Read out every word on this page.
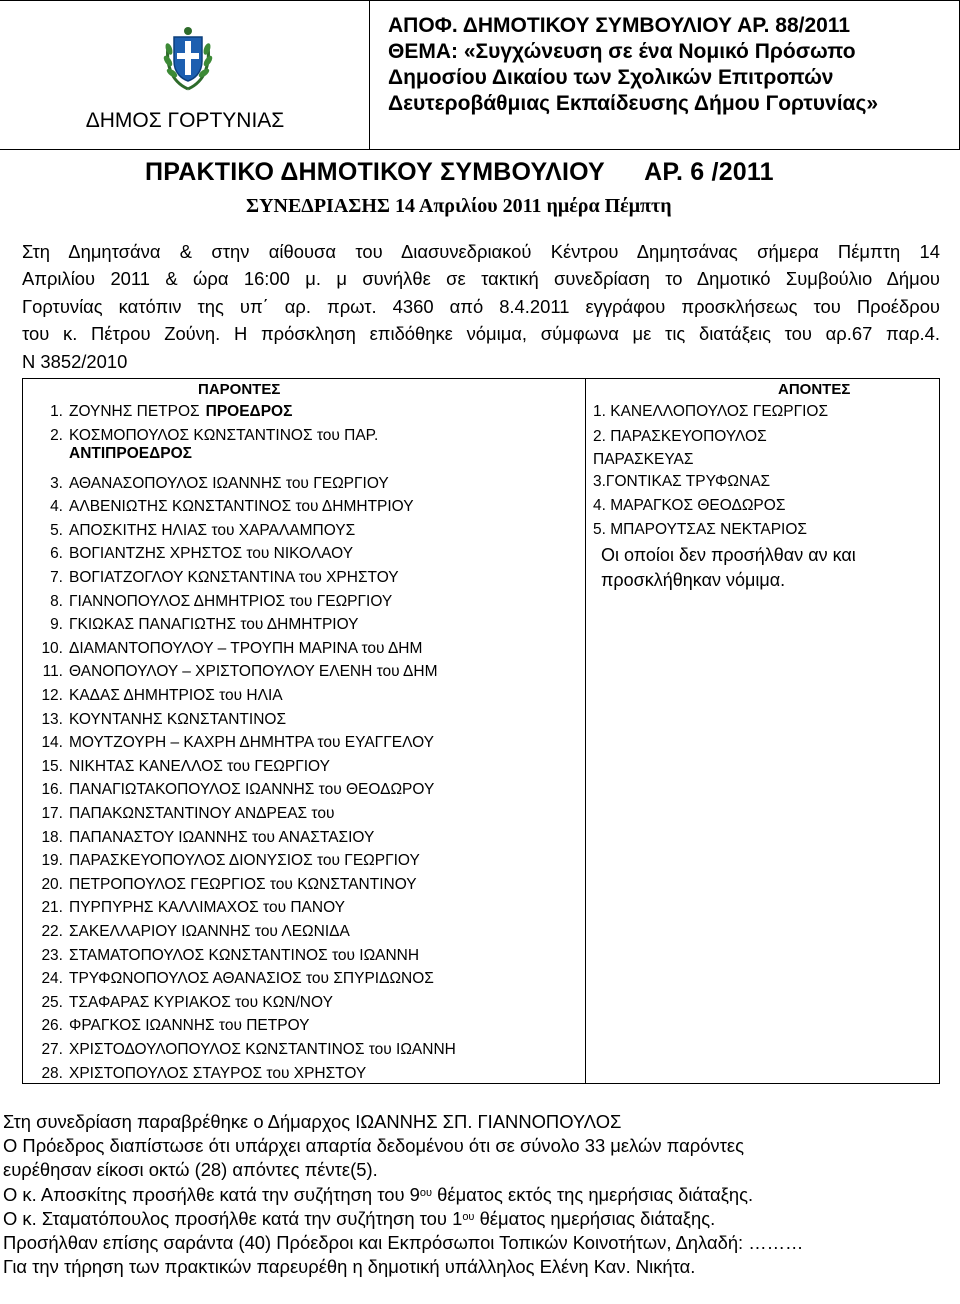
ΔΗΜΟΣ ΓΟΡΤΥΝΙΑΣ
ΑΠΟΦ. ΔΗΜΟΤΙΚΟΥ ΣΥΜΒΟΥΛΙΟΥ ΑΡ. 88/2011
ΘΕΜΑ: «Συγχώνευση σε ένα Νομικό Πρόσωπο
Δημοσίου Δικαίου των Σχολικών Επιτροπών
Δευτεροβάθμιας Εκπαίδευσης Δήμου Γορτυνίας»
ΠΡΑΚΤΙΚΟ ΔΗΜΟΤΙΚΟΥ ΣΥΜΒΟΥΛΙΟΥ ΑΡ. 6 /2011
ΣΥΝΕΔΡΙΑΣΗΣ 14 Απριλίου 2011 ημέρα Πέμπτη
Στη Δημητσάνα & στην αίθουσα του Διασυνεδριακού Κέντρου Δημητσάνας σήμερα Πέμπτη 14
Απριλίου 2011 & ώρα 16:00 μ. μ συνήλθε σε τακτική συνεδρίαση το Δημοτικό Συμβούλιο Δήμου
Γορτυνίας κατόπιν της υπ΄ αρ. πρωτ. 4360 από 8.4.2011 εγγράφου προσκλήσεως του Προέδρου
του κ. Πέτρου Ζούνη. Η πρόσκληση επιδόθηκε νόμιμα, σύμφωνα με τις διατάξεις του αρ.67 παρ.4.
Ν 3852/2010
ΠΑΡΟΝΤΕΣ	ΑΠΟΝΤΕΣ
1. ΖΟΥΝΗΣ ΠΕΤΡΟΣ ΠΡΟΕΔΡΟΣ
2. ΚΟΣΜΟΠΟΥΛΟΣ ΚΩΝΣΤΑΝΤΙΝΟΣ του ΠΑΡ.
ΑΝΤΙΠΡΟΕΔΡΟΣ
3. ΑΘΑΝΑΣΟΠΟΥΛΟΣ ΙΩΑΝΝΗΣ του ΓΕΩΡΓΙΟΥ
4. ΑΛΒΕΝΙΩΤΗΣ ΚΩΝΣΤΑΝΤΙΝΟΣ του ΔΗΜΗΤΡΙΟΥ
5. ΑΠΟΣΚΙΤΗΣ ΗΛΙΑΣ του ΧΑΡΑΛΑΜΠΟΥΣ
6. ΒΟΓΙΑΝΤΖΗΣ ΧΡΗΣΤΟΣ του ΝΙΚΟΛΑΟΥ
7. ΒΟΓΙΑΤΖΟΓΛΟΥ ΚΩΝΣΤΑΝΤΙΝΑ του ΧΡΗΣΤΟΥ
8. ΓΙΑΝΝΟΠΟΥΛΟΣ ΔΗΜΗΤΡΙΟΣ του ΓΕΩΡΓΙΟΥ
9. ΓΚΙΩΚΑΣ ΠΑΝΑΓΙΩΤΗΣ του ΔΗΜΗΤΡΙΟΥ
10. ΔΙΑΜΑΝΤΟΠΟΥΛΟΥ – ΤΡΟΥΠΗ ΜΑΡΙΝΑ του ΔΗΜ
11. ΘΑΝΟΠΟΥΛΟΥ – ΧΡΙΣΤΟΠΟΥΛΟΥ ΕΛΕΝΗ του ΔΗΜ
12. ΚΑΔΑΣ ΔΗΜΗΤΡΙΟΣ του ΗΛΙΑ
13. ΚΟΥΝΤΑΝΗΣ ΚΩΝΣΤΑΝΤΙΝΟΣ
14. ΜΟΥΤΖΟΥΡΗ – ΚΑΧΡΗ ΔΗΜΗΤΡΑ του ΕΥΑΓΓΕΛΟΥ
15. ΝΙΚΗΤΑΣ ΚΑΝΕΛΛΟΣ του ΓΕΩΡΓΙΟΥ
16. ΠΑΝΑΓΙΩΤΑΚΟΠΟΥΛΟΣ ΙΩΑΝΝΗΣ του ΘΕΟΔΩΡΟΥ
17. ΠΑΠΑΚΩΝΣΤΑΝΤΙΝΟΥ ΑΝΔΡΕΑΣ του
18. ΠΑΠΑΝΑΣΤΟΥ ΙΩΑΝΝΗΣ του ΑΝΑΣΤΑΣΙΟΥ
19. ΠΑΡΑΣΚΕΥΟΠΟΥΛΟΣ ΔΙΟΝΥΣΙΟΣ του ΓΕΩΡΓΙΟΥ
20. ΠΕΤΡΟΠΟΥΛΟΣ ΓΕΩΡΓΙΟΣ του ΚΩΝΣΤΑΝΤΙΝΟΥ
21. ΠΥΡΠΥΡΗΣ ΚΑΛΛΙΜΑΧΟΣ του ΠΑΝΟΥ
22. ΣΑΚΕΛΛΑΡΙΟΥ ΙΩΑΝΝΗΣ του ΛΕΩΝΙΔΑ
23. ΣΤΑΜΑΤΟΠΟΥΛΟΣ ΚΩΝΣΤΑΝΤΙΝΟΣ του ΙΩΑΝΝΗ
24. ΤΡΥΦΩΝΟΠΟΥΛΟΣ ΑΘΑΝΑΣΙΟΣ του ΣΠΥΡΙΔΩΝΟΣ
25. ΤΣΑΦΑΡΑΣ ΚΥΡΙΑΚΟΣ του ΚΩΝ/ΝΟΥ
26. ΦΡΑΓΚΟΣ ΙΩΑΝΝΗΣ του ΠΕΤΡΟΥ
27. ΧΡΙΣΤΟΔΟΥΛΟΠΟΥΛΟΣ ΚΩΝΣΤΑΝΤΙΝΟΣ του ΙΩΑΝΝΗ
28. ΧΡΙΣΤΟΠΟΥΛΟΣ ΣΤΑΥΡΟΣ του ΧΡΗΣΤΟΥ
1. ΚΑΝΕΛΛΟΠΟΥΛΟΣ ΓΕΩΡΓΙΟΣ
2. ΠΑΡΑΣΚΕΥΟΠΟΥΛΟΣ ΠΑΡΑΣΚΕΥΑΣ
3.ΓΟΝΤΙΚΑΣ ΤΡΥΦΩΝΑΣ
4. ΜΑΡΑΓΚΟΣ ΘΕΟΔΩΡΟΣ
5. ΜΠΑΡΟΥΤΣΑΣ ΝΕΚΤΑΡΙΟΣ
Οι οποίοι δεν προσήλθαν αν και προσκλήθηκαν νόμιμα.

Στη συνεδρίαση παραβρέθηκε ο Δήμαρχος ΙΩΑΝΝΗΣ ΣΠ. ΓΙΑΝΝΟΠΟΥΛΟΣ

Ο Πρόεδρος διαπίστωσε ότι υπάρχει απαρτία δεδομένου ότι σε σύνολο 33 μελών παρόντες

ευρέθησαν είκοσι οκτώ (28) απόντες πέντε(5).

Ο κ. Αποσκίτης προσήλθε κατά την συζήτηση του $9^{o\upsilon}$ θέματος εκτός της ημερήσιας διάταξης.

Ο κ. Σταματόπουλος προσήλθε κατά την συζήτηση του $1^{o\upsilon}$ θέματος ημερήσιας διάταξης.

Προσήλθαν επίσης σαράντα (40) Πρόεδροι και Εκπρόσωποι Τοπικών Κοινοτήτων, Δηλαδή: ………

Για την τήρηση των πρακτικών παρευρέθη η δημοτική υπάλληλος Ελένη Καν. Νικήτα.
